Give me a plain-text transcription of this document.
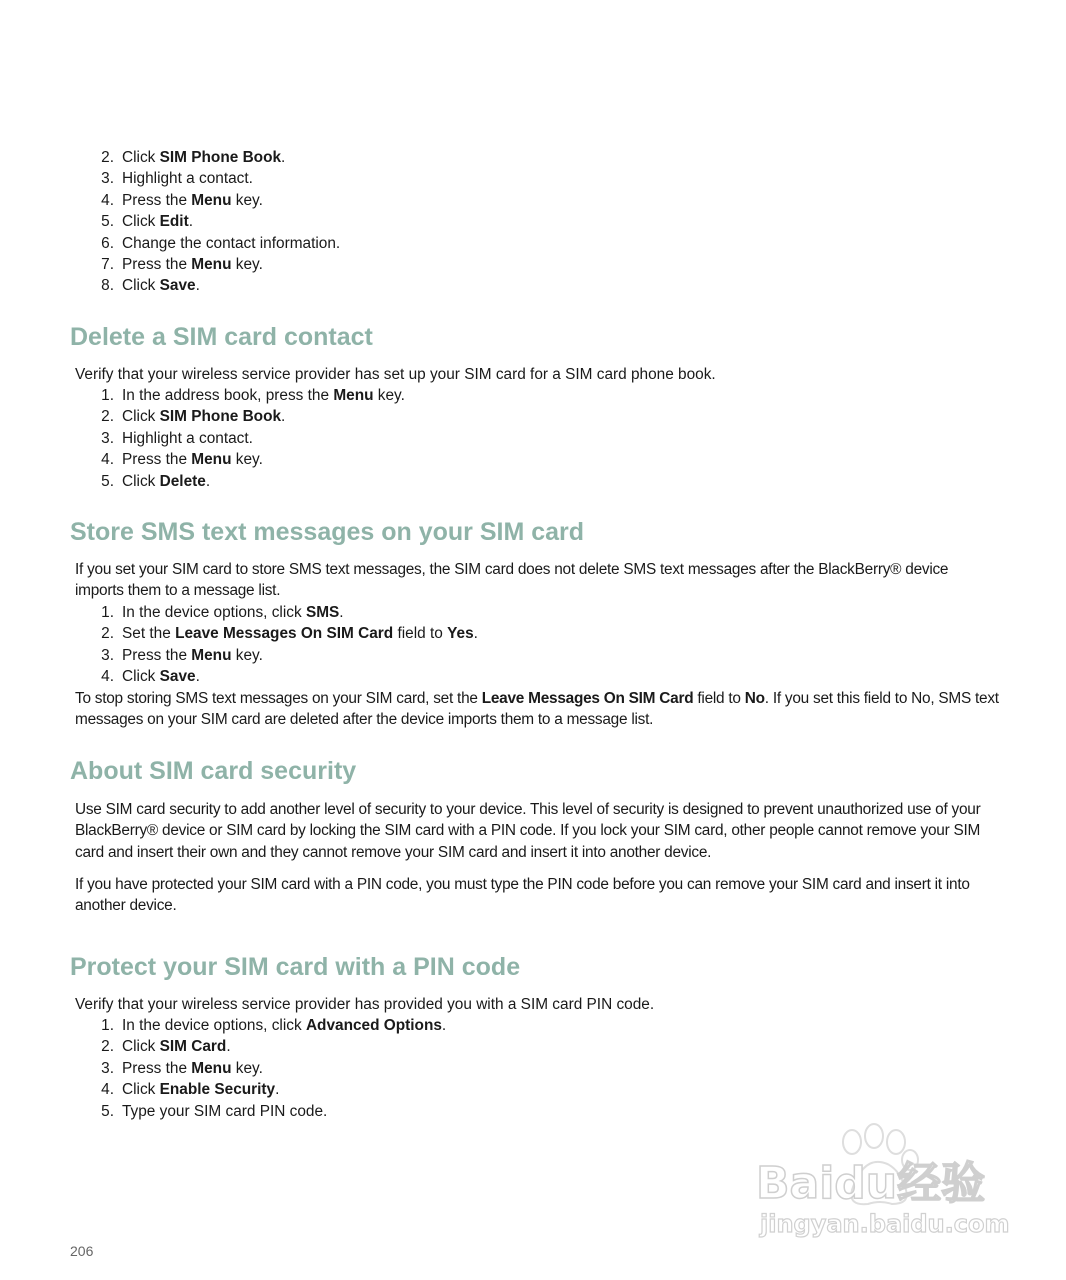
2. Click SIM Phone Book.
3. Highlight a contact.
4. Press the Menu key.
5. Click Edit.
6. Change the contact information.
7. Press the Menu key.
8. Click Save.
Delete a SIM card contact

Verify that your wireless service provider has set up your SIM card for a SIM card phone book.

1. In the address book, press the Menu key.
2. Click SIM Phone Book.
3. Highlight a contact.
4. Press the Menu key.
5. Click Delete.
Store SMS text messages on your SIM card

If you set your SIM card to store SMS text messages, the SIM card does not delete SMS text messages after the BlackBerry® device imports them to a message list.

1. In the device options, click SMS.
2. Set the Leave Messages On SIM Card field to Yes.
3. Press the Menu key.
4. Click Save.

To stop storing SMS text messages on your SIM card, set the Leave Messages On SIM Card field to No. If you set this field to No, SMS text messages on your SIM card are deleted after the device imports them to a message list.

About SIM card security

Use SIM card security to add another level of security to your device. This level of security is designed to prevent unauthorized use of your BlackBerry® device or SIM card by locking the SIM card with a PIN code. If you lock your SIM card, other people cannot remove your SIM card and insert their own and they cannot remove your SIM card and insert it into another device.

If you have protected your SIM card with a PIN code, you must type the PIN code before you can remove your SIM card and insert it into another device.

Protect your SIM card with a PIN code

Verify that your wireless service provider has provided you with a SIM card PIN code.

1. In the device options, click Advanced Options.
2. Click SIM Card.
3. Press the Menu key.
4. Click Enable Security.
5. Type your SIM card PIN code.
Baidu经验
jingyan.baidu.com
206
